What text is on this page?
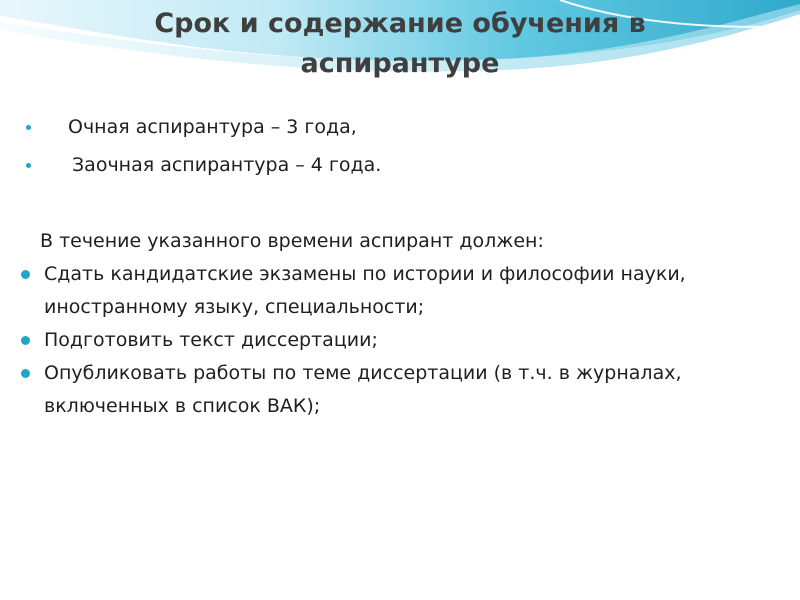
Срок и содержание обучения в аспирантуре
Очная аспирантура – 3 года,
Заочная аспирантура – 4 года.
В течение указанного времени аспирант должен:
Сдать кандидатские экзамены по истории и философии науки, иностранному языку, специальности;
Подготовить текст диссертации;
Опубликовать работы по теме диссертации (в т.ч. в журналах, включенных в список ВАК);
